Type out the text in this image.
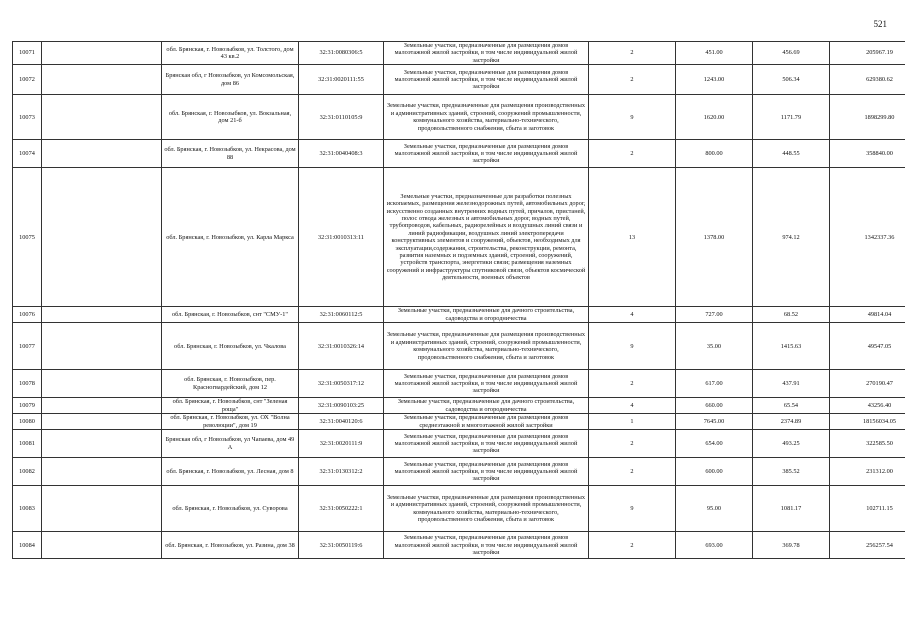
521
10071		обл. Брянская, г. Новозыбков, ул. Толстого, дом 43 кв.2	32:31:0080306:5	Земельные участки, предназначенные для размещения домов малоэтажной жилой застройки, в том числе индивидуальной жилой застройки	2	451.00	456.69	205967.19
10072		Брянская обл, г Новозыбков, ул Комсомольская, дом 86	32:31:0020111:55	Земельные участки, предназначенные для размещения домов малоэтажной жилой застройки, в том числе индивидуальной жилой застройки	2	1243.00	506.34	629380.62
10073		обл. Брянская, г. Новозыбков, ул. Вокзальная, дом 21-б	32:31:0110105:9	Земельные участки, предназначенные для размещения производственных и административных зданий, строений, сооружений промышленности, коммунального хозяйства, материально-технического, продовольственного снабжения, сбыта и заготовок	9	1620.00	1171.79	1898299.80
10074		обл. Брянская, г. Новозыбков, ул. Некрасова, дом 88	32:31:0040408:3	Земельные участки, предназначенные для размещения домов малоэтажной жилой застройки, в том числе индивидуальной жилой застройки	2	800.00	448.55	358840.00
10075		обл. Брянская, г. Новозыбков, ул. Карла Маркса	32:31:0010313:11	Земельные участки, предназначенные для разработки полезных ископаемых, размещения железнодорожных путей, автомобильных дорог, искусственно созданных внутренних водных путей, причалов, пристаней, полос отвода железных и автомобильных дорог, водных путей, трубопроводов, кабельных, радиорелейных и воздушных линий связи и линий радиофикации, воздушных линий электропередачи конструктивных элементов и сооружений, объектов, необходимых для эксплуатации,содержания, строительства, реконструкции, ремонта, развития наземных и подземных зданий, строений, сооружений, устройств транспорта, энергетики связи; размещения наземных сооружений и инфраструктуры спутниковой связи, объектов космической деятельности, военных объектов	13	1378.00	974.12	1342337.36
10076		обл. Брянская, г. Новозыбков, снт "СМУ-1"	32:31:0060112:5	Земельные участки, предназначенные для дачного строительства, садоводства и огородничества	4	727.00	68.52	49814.04
10077		обл. Брянская, г. Новозыбков, ул. Чкалова	32:31:0010326:14	Земельные участки, предназначенные для размещения производственных и административных зданий, строений, сооружений промышленности, коммунального хозяйства, материально-технического, продовольственного снабжения, сбыта и заготовок	9	35.00	1415.63	49547.05
10078		обл. Брянская, г. Новозыбков, пер. Красногвардейский, дом 12	32:31:0050317:12	Земельные участки, предназначенные для размещения домов малоэтажной жилой застройки, в том числе индивидуальной жилой застройки	2	617.00	437.91	270190.47
10079		обл. Брянская, г. Новозыбков, снт "Зеленая роща"	32:31:0090103:25	Земельные участки, предназначенные для дачного строительства, садоводства и огородничества	4	660.00	65.54	43256.40
10080		обл. Брянская, г. Новозыбков, ул. ОХ "Волна революции", дом 19	32:31:0040120:6	Земельные участки, предназначенные для размещения домов среднеэтажной и многоэтажной жилой застройки	1	7645.00	2374.89	18156034.05
10081		Брянская обл, г Новозыбков, ул Чапаева, дом 49 А	32:31:0020111:9	Земельные участки, предназначенные для размещения домов малоэтажной жилой застройки, в том числе индивидуальной жилой застройки	2	654.00	493.25	322585.50
10082		обл. Брянская, г. Новозыбков, ул. Лесная, дом 8	32:31:0130312:2	Земельные участки, предназначенные для размещения домов малоэтажной жилой застройки, в том числе индивидуальной жилой застройки	2	600.00	385.52	231312.00
10083		обл. Брянская, г. Новозыбков, ул. Суворова	32:31:0050222:1	Земельные участки, предназначенные для размещения производственных и административных зданий, строений, сооружений промышленности, коммунального хозяйства, материально-технического, продовольственного снабжения, сбыта и заготовок	9	95.00	1081.17	102711.15
10084		обл. Брянская, г. Новозыбков, ул. Разина, дом 38	32:31:0050119:6	Земельные участки, предназначенные для размещения домов малоэтажной жилой застройки, в том числе индивидуальной жилой застройки	2	693.00	369.78	256257.54
